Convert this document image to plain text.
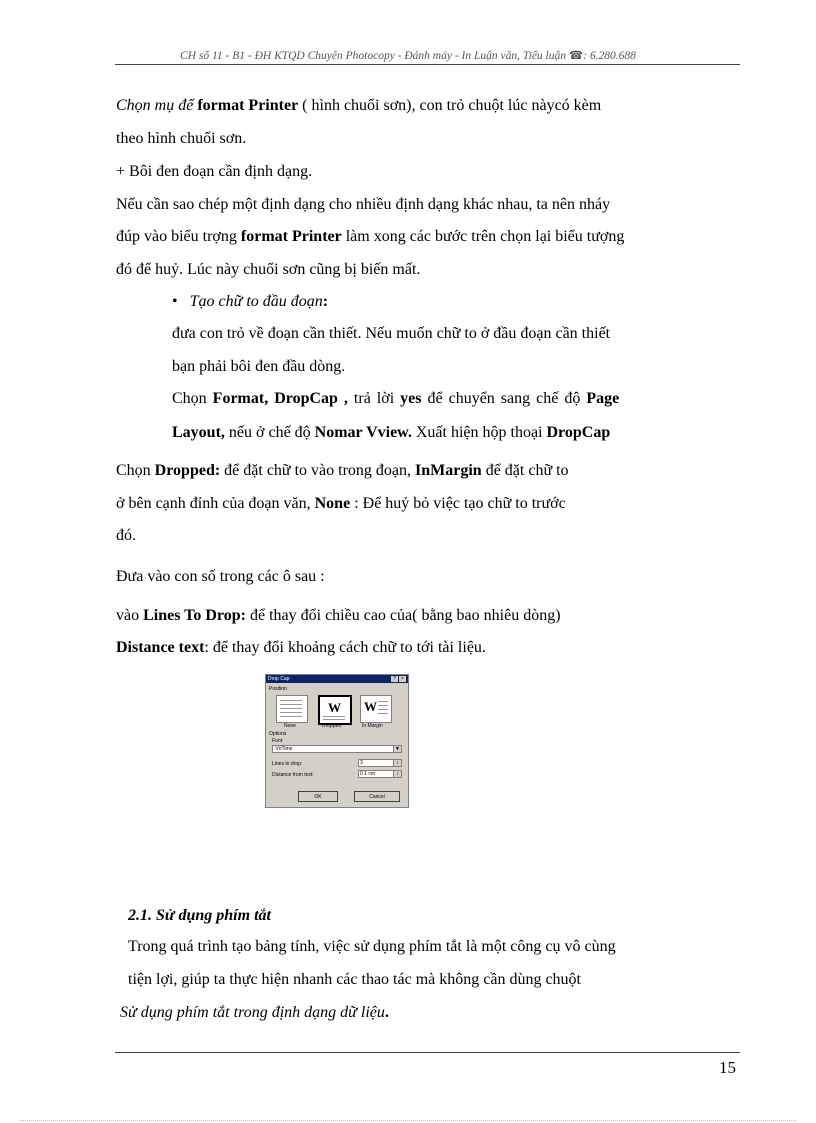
CH số 11 - B1 - ĐH KTQD Chuyên Photocopy - Đánh máy - In Luận văn, Tiểu luận ☎: 6.280.688
Chọn mụ để format Printer ( hình chuổi sơn), con trỏ chuột lúc nàycó kèm
theo hình chuổi sơn.
+ Bôi đen đoạn cần định dạng.
Nếu cần sao chép một định dạng cho nhiều định dạng khác nhau, ta nên nháy
đúp vào biểu trợng format Printer làm xong các bước trên chọn lại biểu tượng
đó để huỷ. Lúc này chuổi sơn cũng bị biến mất.
• Tạo chữ to đầu đoạn:
đưa con trỏ về đoạn cần thiết. Nếu muốn chữ to ở đầu đoạn cần thiết
bạn phải bôi đen đầu dòng.
Chọn Format, DropCap , trả lời yes để chuyển sang chế độ Page
Layout, nếu ở chế độ Nomar Vview. Xuất hiện hộp thoại DropCap
Chọn Dropped: để đặt chữ to vào trong đoạn, InMargin để đặt chữ to
ở bên cạnh đỉnh của đoạn văn, None : Để huỷ bỏ việc tạo chữ to trước
đó.
Đưa vào con số trong các ô sau :
vào Lines To Drop: để thay đổi chiều cao của( bằng bao nhiêu dòng)
Distance text: để thay đổi khoảng cách chữ to tới tài liệu.
Drop Cap	?	×
Position
W W
None	Dropped	In Margin
Options
Font:
.VnTime	▼
Lines to drop:	3	↕
Distance from text:	0.1 cm	↕
OK	Cancel
2.1. Sử dụng phím tắt
Trong quá trình tạo bảng tính, việc sử dụng phím tắt là một công cụ vô cùng
tiện lợi, giúp ta thực hiện nhanh các thao tác mà không cần dùng chuột
Sử dụng phím tắt trong định dạng dữ liệu.
15
